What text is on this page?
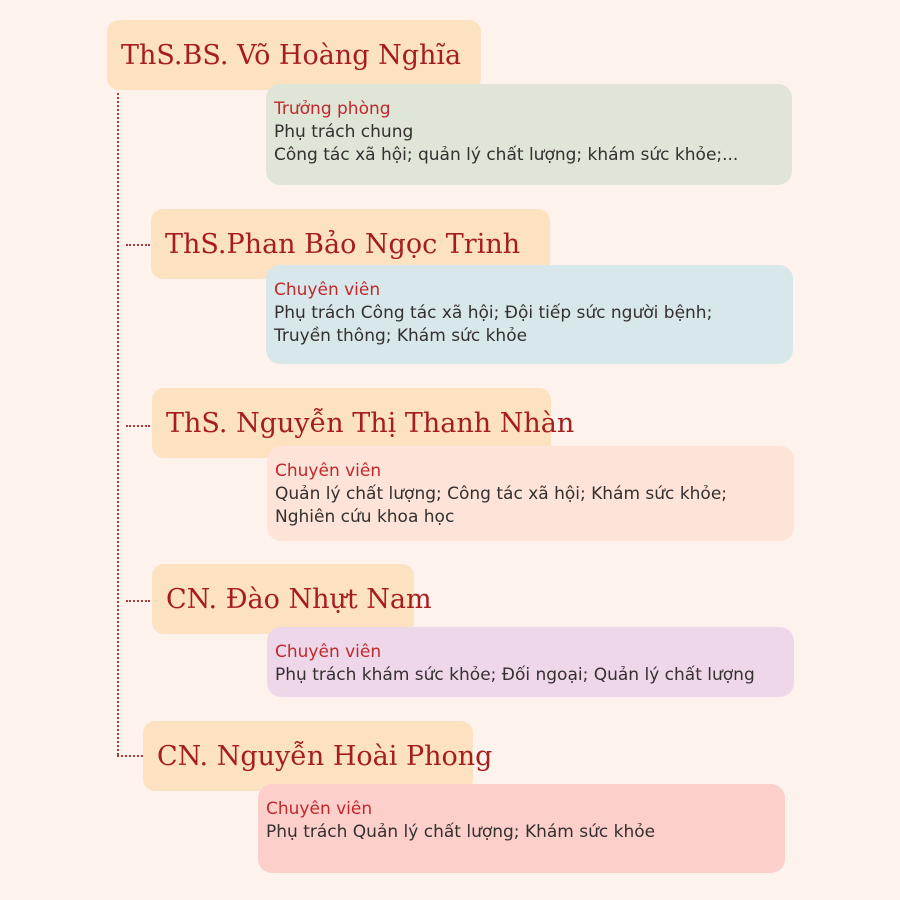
ThS.BS. Võ Hoàng Nghĩa
Trưởng phòng
Phụ trách chung
Công tác xã hội; quản lý chất lượng; khám sức khỏe;...
ThS.Phan Bảo Ngọc Trinh
Chuyên viên
Phụ trách Công tác xã hội; Đội tiếp sức người bệnh;
Truyền thông; Khám sức khỏe
ThS. Nguyễn Thị Thanh Nhàn
Chuyên viên
Quản lý chất lượng; Công tác xã hội; Khám sức khỏe;
Nghiên cứu khoa học
CN. Đào Nhựt Nam
Chuyên viên
Phụ trách khám sức khỏe; Đối ngoại; Quản lý chất lượng
CN. Nguyễn Hoài Phong
Chuyên viên
Phụ trách Quản lý chất lượng; Khám sức khỏe
